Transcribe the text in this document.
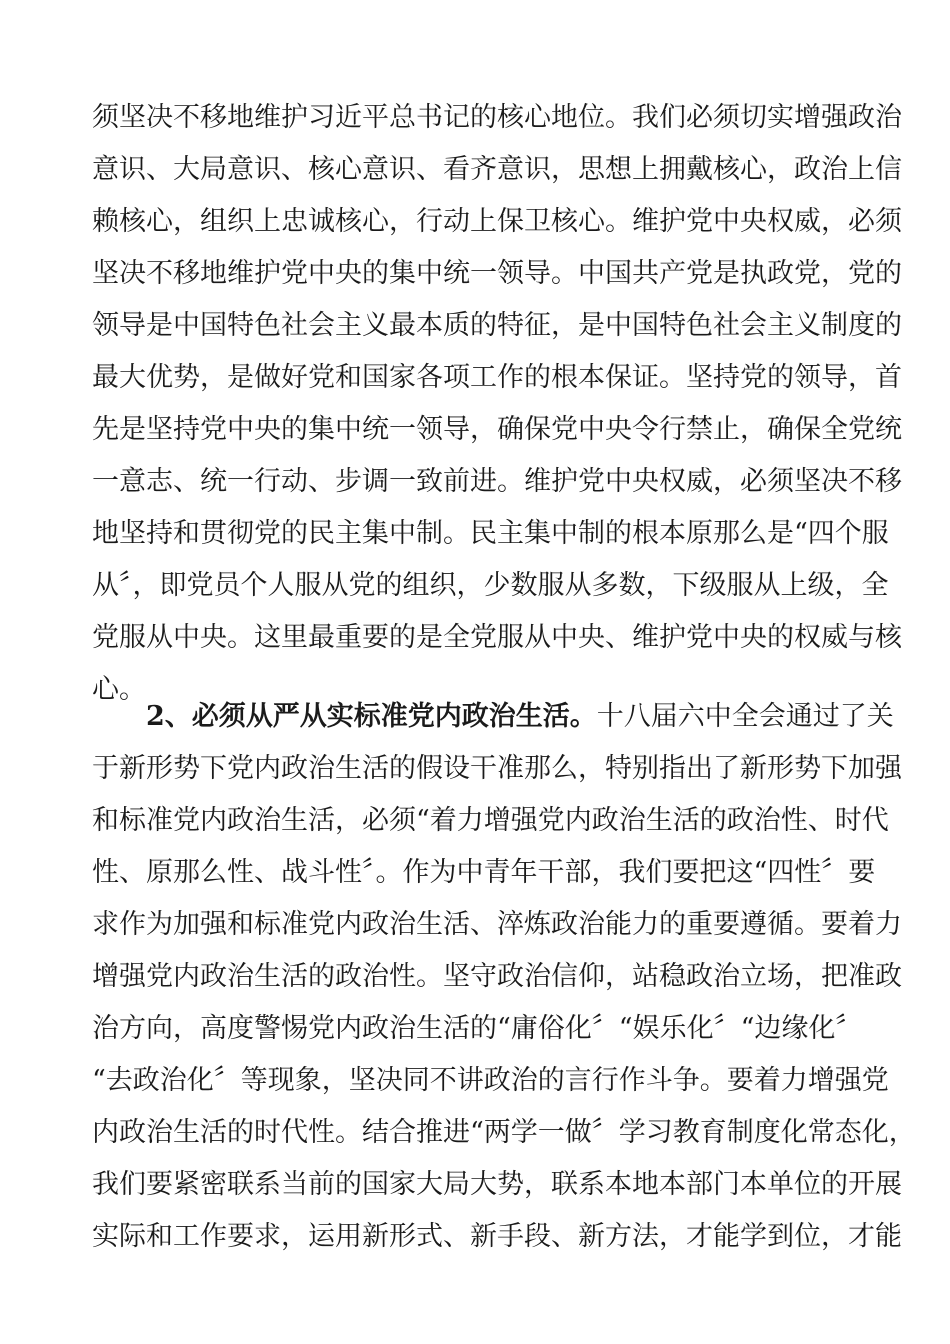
须坚决不移地维护习近平总书记的核心地位。我们必须切实增强政治
意识、大局意识、核心意识、看齐意识，思想上拥戴核心，政治上信
赖核心，组织上忠诚核心，行动上保卫核心。维护党中央权威，必须
坚决不移地维护党中央的集中统一领导。中国共产党是执政党，党的
领导是中国特色社会主义最本质的特征，是中国特色社会主义制度的
最大优势，是做好党和国家各项工作的根本保证。坚持党的领导，首
先是坚持党中央的集中统一领导，确保党中央令行禁止，确保全党统
一意志、统一行动、步调一致前进。维护党中央权威，必须坚决不移
地坚持和贯彻党的民主集中制。民主集中制的根本原那么是“四个服
从〞，即党员个人服从党的组织，少数服从多数，下级服从上级，全
党服从中央。这里最重要的是全党服从中央、维护党中央的权威与核
心。
2、必须从严从实标准党内政治生活。十八届六中全会通过了关
于新形势下党内政治生活的假设干准那么，特别指出了新形势下加强
和标准党内政治生活，必须“着力增强党内政治生活的政治性、时代
性、原那么性、战斗性〞。作为中青年干部，我们要把这“四性〞要
求作为加强和标准党内政治生活、淬炼政治能力的重要遵循。要着力
增强党内政治生活的政治性。坚守政治信仰，站稳政治立场，把准政
治方向，高度警惕党内政治生活的“庸俗化〞“娱乐化〞“边缘化〞
“去政治化〞等现象，坚决同不讲政治的言行作斗争。要着力增强党
内政治生活的时代性。结合推进“两学一做〞学习教育制度化常态化，
我们要紧密联系当前的国家大局大势，联系本地本部门本单位的开展
实际和工作要求，运用新形式、新手段、新方法，才能学到位，才能
